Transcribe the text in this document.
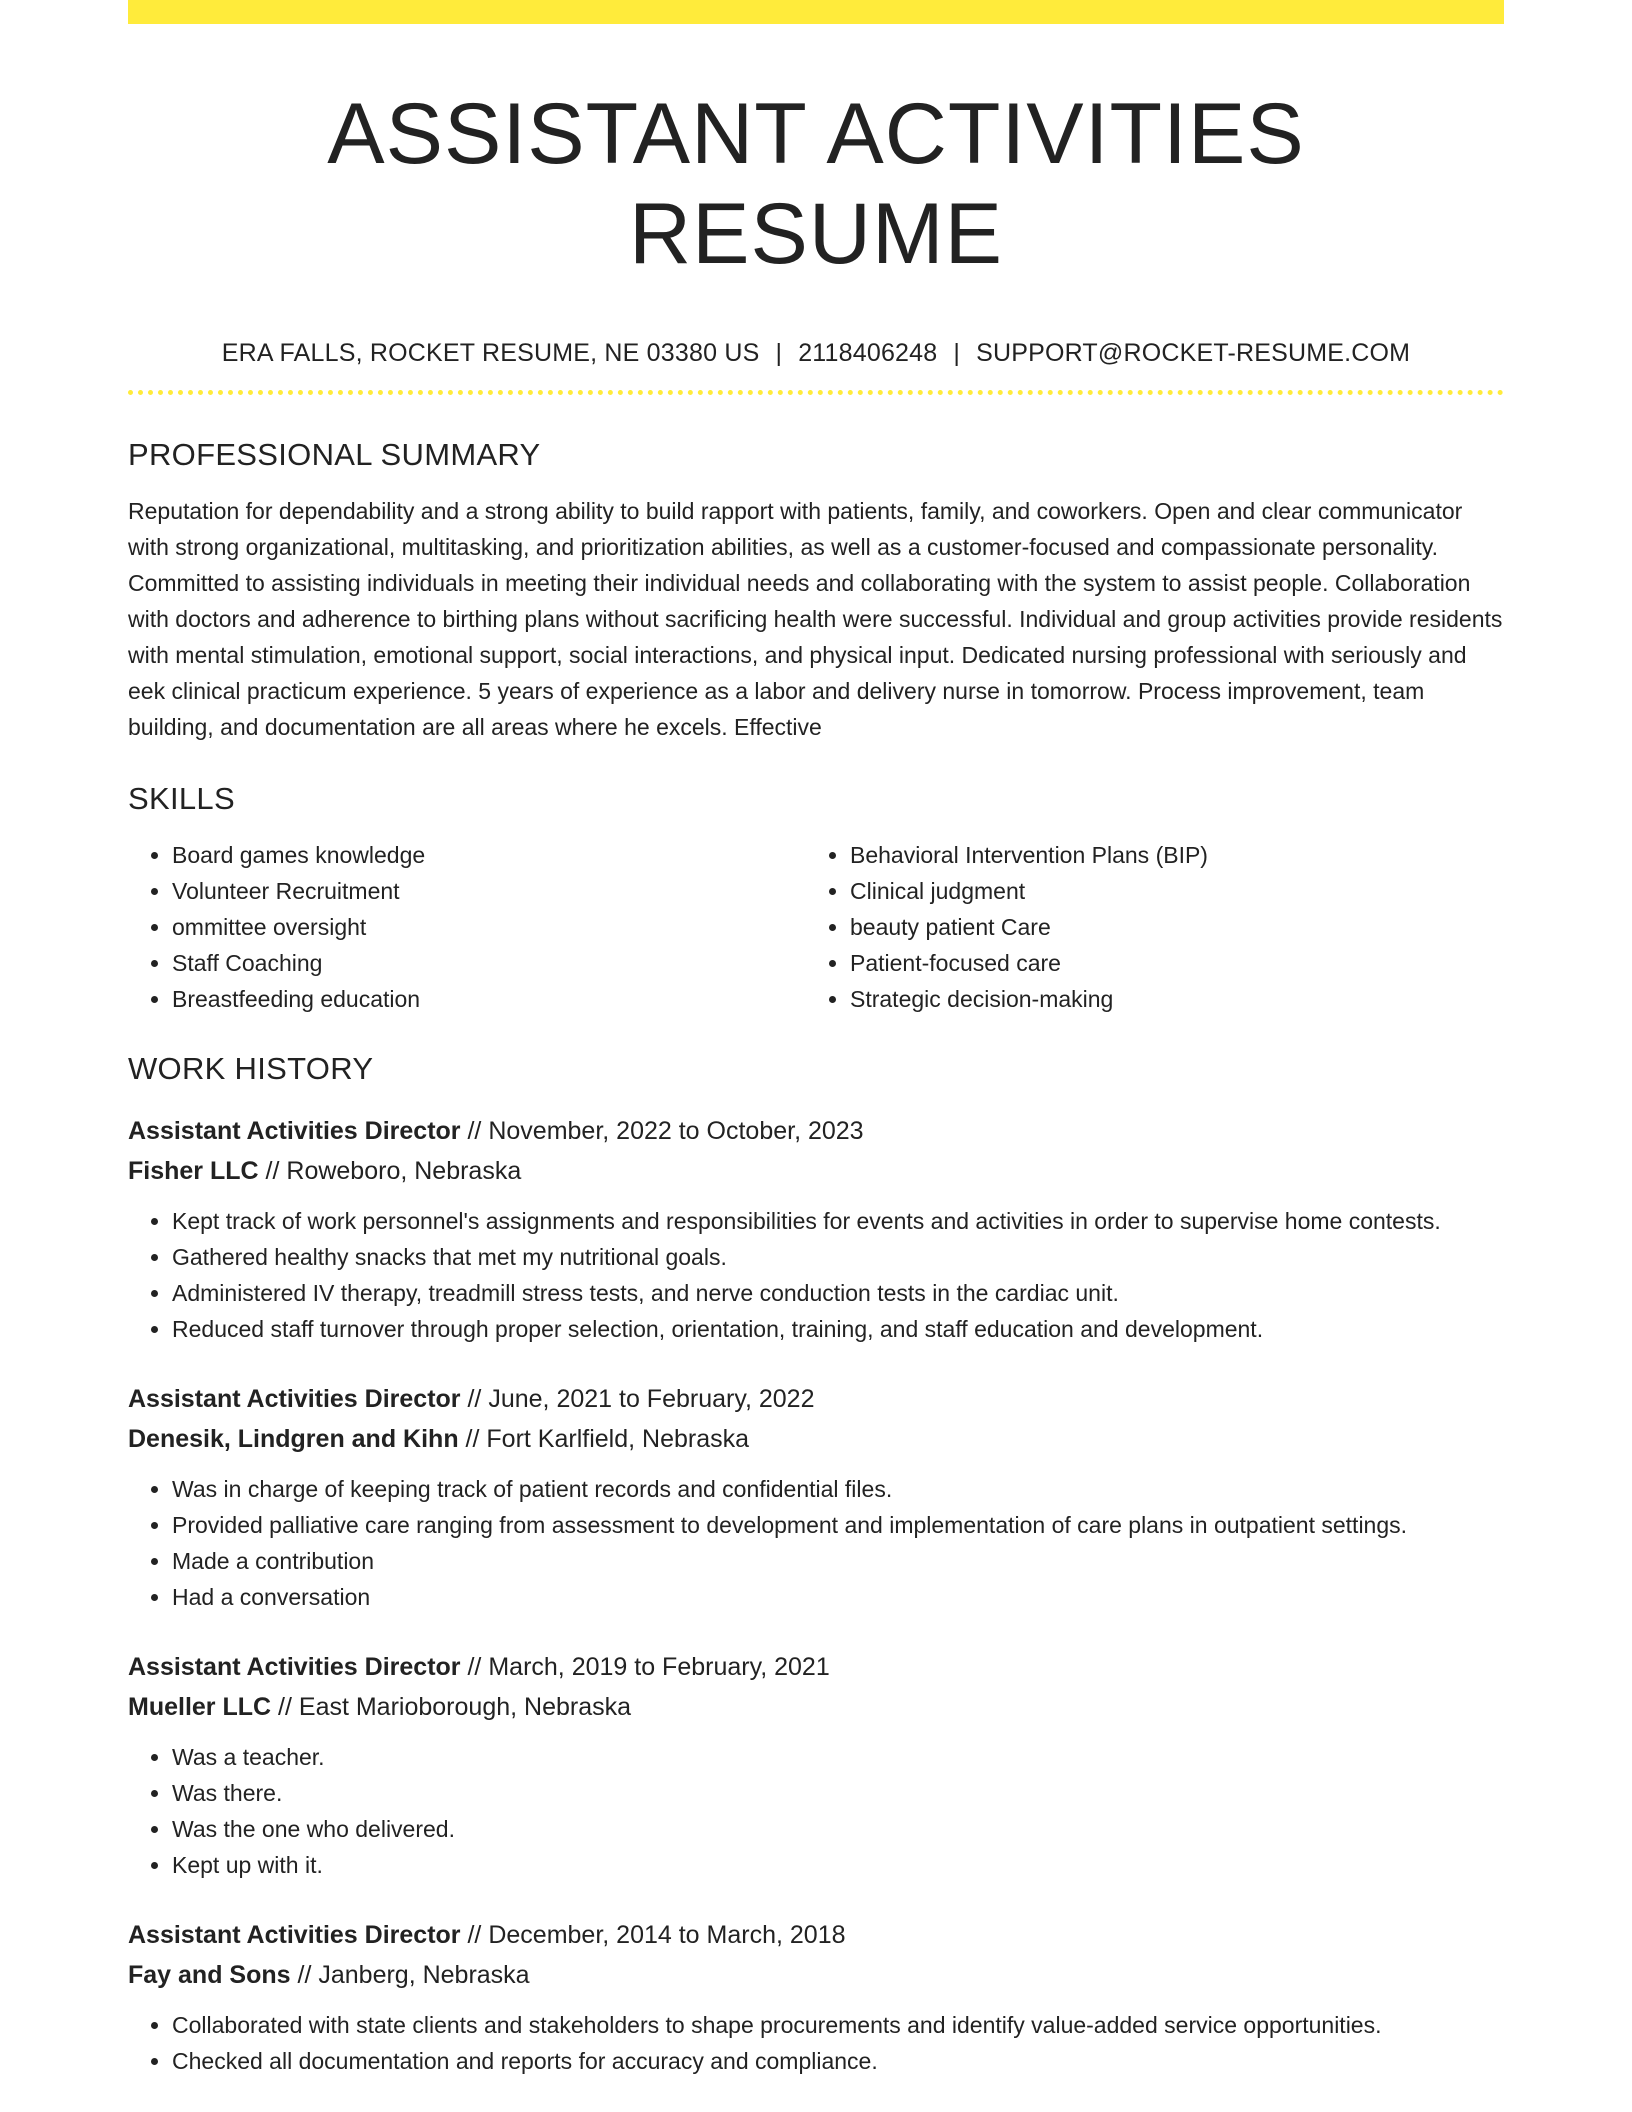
ASSISTANT ACTIVITIES RESUME
ERA FALLS, ROCKET RESUME, NE 03380 US | 2118406248 | SUPPORT@ROCKET-RESUME.COM
PROFESSIONAL SUMMARY

Reputation for dependability and a strong ability to build rapport with patients, family, and coworkers. Open and clear communicator with strong organizational, multitasking, and prioritization abilities, as well as a customer-focused and compassionate personality. Committed to assisting individuals in meeting their individual needs and collaborating with the system to assist people. Collaboration with doctors and adherence to birthing plans without sacrificing health were successful. Individual and group activities provide residents with mental stimulation, emotional support, social interactions, and physical input. Dedicated nursing professional with seriously and eek clinical practicum experience. 5 years of experience as a labor and delivery nurse in tomorrow. Process improvement, team building, and documentation are all areas where he excels. Effective

SKILLS
• Board games knowledge
• Volunteer Recruitment
• ommittee oversight
• Staff Coaching
• Breastfeeding education
• Behavioral Intervention Plans (BIP)
• Clinical judgment
• beauty patient Care
• Patient-focused care
• Strategic decision-making
WORK HISTORY
Assistant Activities Director // November, 2022 to October, 2023
Fisher LLC // Roweboro, Nebraska
• Kept track of work personnel's assignments and responsibilities for events and activities in order to supervise home contests.
• Gathered healthy snacks that met my nutritional goals.
• Administered IV therapy, treadmill stress tests, and nerve conduction tests in the cardiac unit.
• Reduced staff turnover through proper selection, orientation, training, and staff education and development.
Assistant Activities Director // June, 2021 to February, 2022
Denesik, Lindgren and Kihn // Fort Karlfield, Nebraska
• Was in charge of keeping track of patient records and confidential files.
• Provided palliative care ranging from assessment to development and implementation of care plans in outpatient settings.
• Made a contribution
• Had a conversation
Assistant Activities Director // March, 2019 to February, 2021
Mueller LLC // East Marioborough, Nebraska
• Was a teacher.
• Was there.
• Was the one who delivered.
• Kept up with it.
Assistant Activities Director // December, 2014 to March, 2018
Fay and Sons // Janberg, Nebraska
• Collaborated with state clients and stakeholders to shape procurements and identify value-added service opportunities.
• Checked all documentation and reports for accuracy and compliance.
